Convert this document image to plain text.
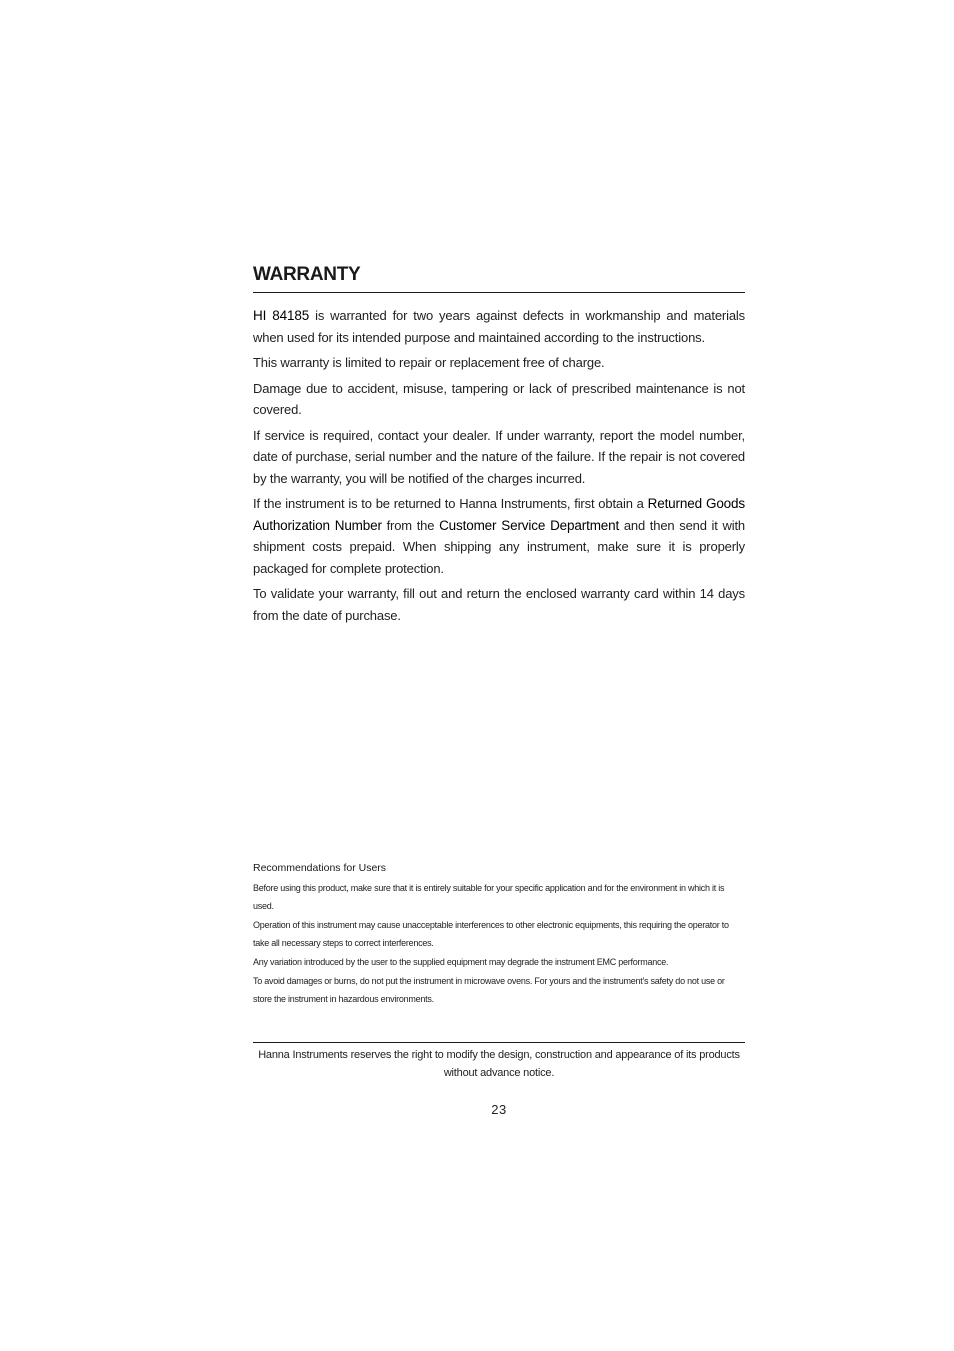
WARRANTY

HI 84185 is warranted for two years against defects in workmanship and materials when used for its intended purpose and maintained according to the instructions.

This warranty is limited to repair or replacement free of charge.

Damage due to accident, misuse, tampering or lack of prescribed maintenance is not covered.

If service is required, contact your dealer. If under warranty, report the model number, date of purchase, serial number and the nature of the failure. If the repair is not covered by the warranty, you will be notified of the charges incurred.

If the instrument is to be returned to Hanna Instruments, first obtain a Returned Goods Authorization Number from the Customer Service Department and then send it with shipment costs prepaid. When shipping any instrument, make sure it is properly packaged for complete protection.

To validate your warranty, fill out and return the enclosed warranty card within 14 days from the date of purchase.

Recommendations for Users

Before using this product, make sure that it is entirely suitable for your specific application and for the environment in which it is used.

Operation of this instrument may cause unacceptable interferences to other electronic equipments, this requiring the operator to take all necessary steps to correct interferences.

Any variation introduced by the user to the supplied equipment may degrade the instrument EMC performance.

To avoid damages or burns, do not put the instrument in microwave ovens. For yours and the instrument’s safety do not use or store the instrument in hazardous environments.

Hanna Instruments reserves the right to modify the design, construction and appearance of its products
without advance notice.
23
